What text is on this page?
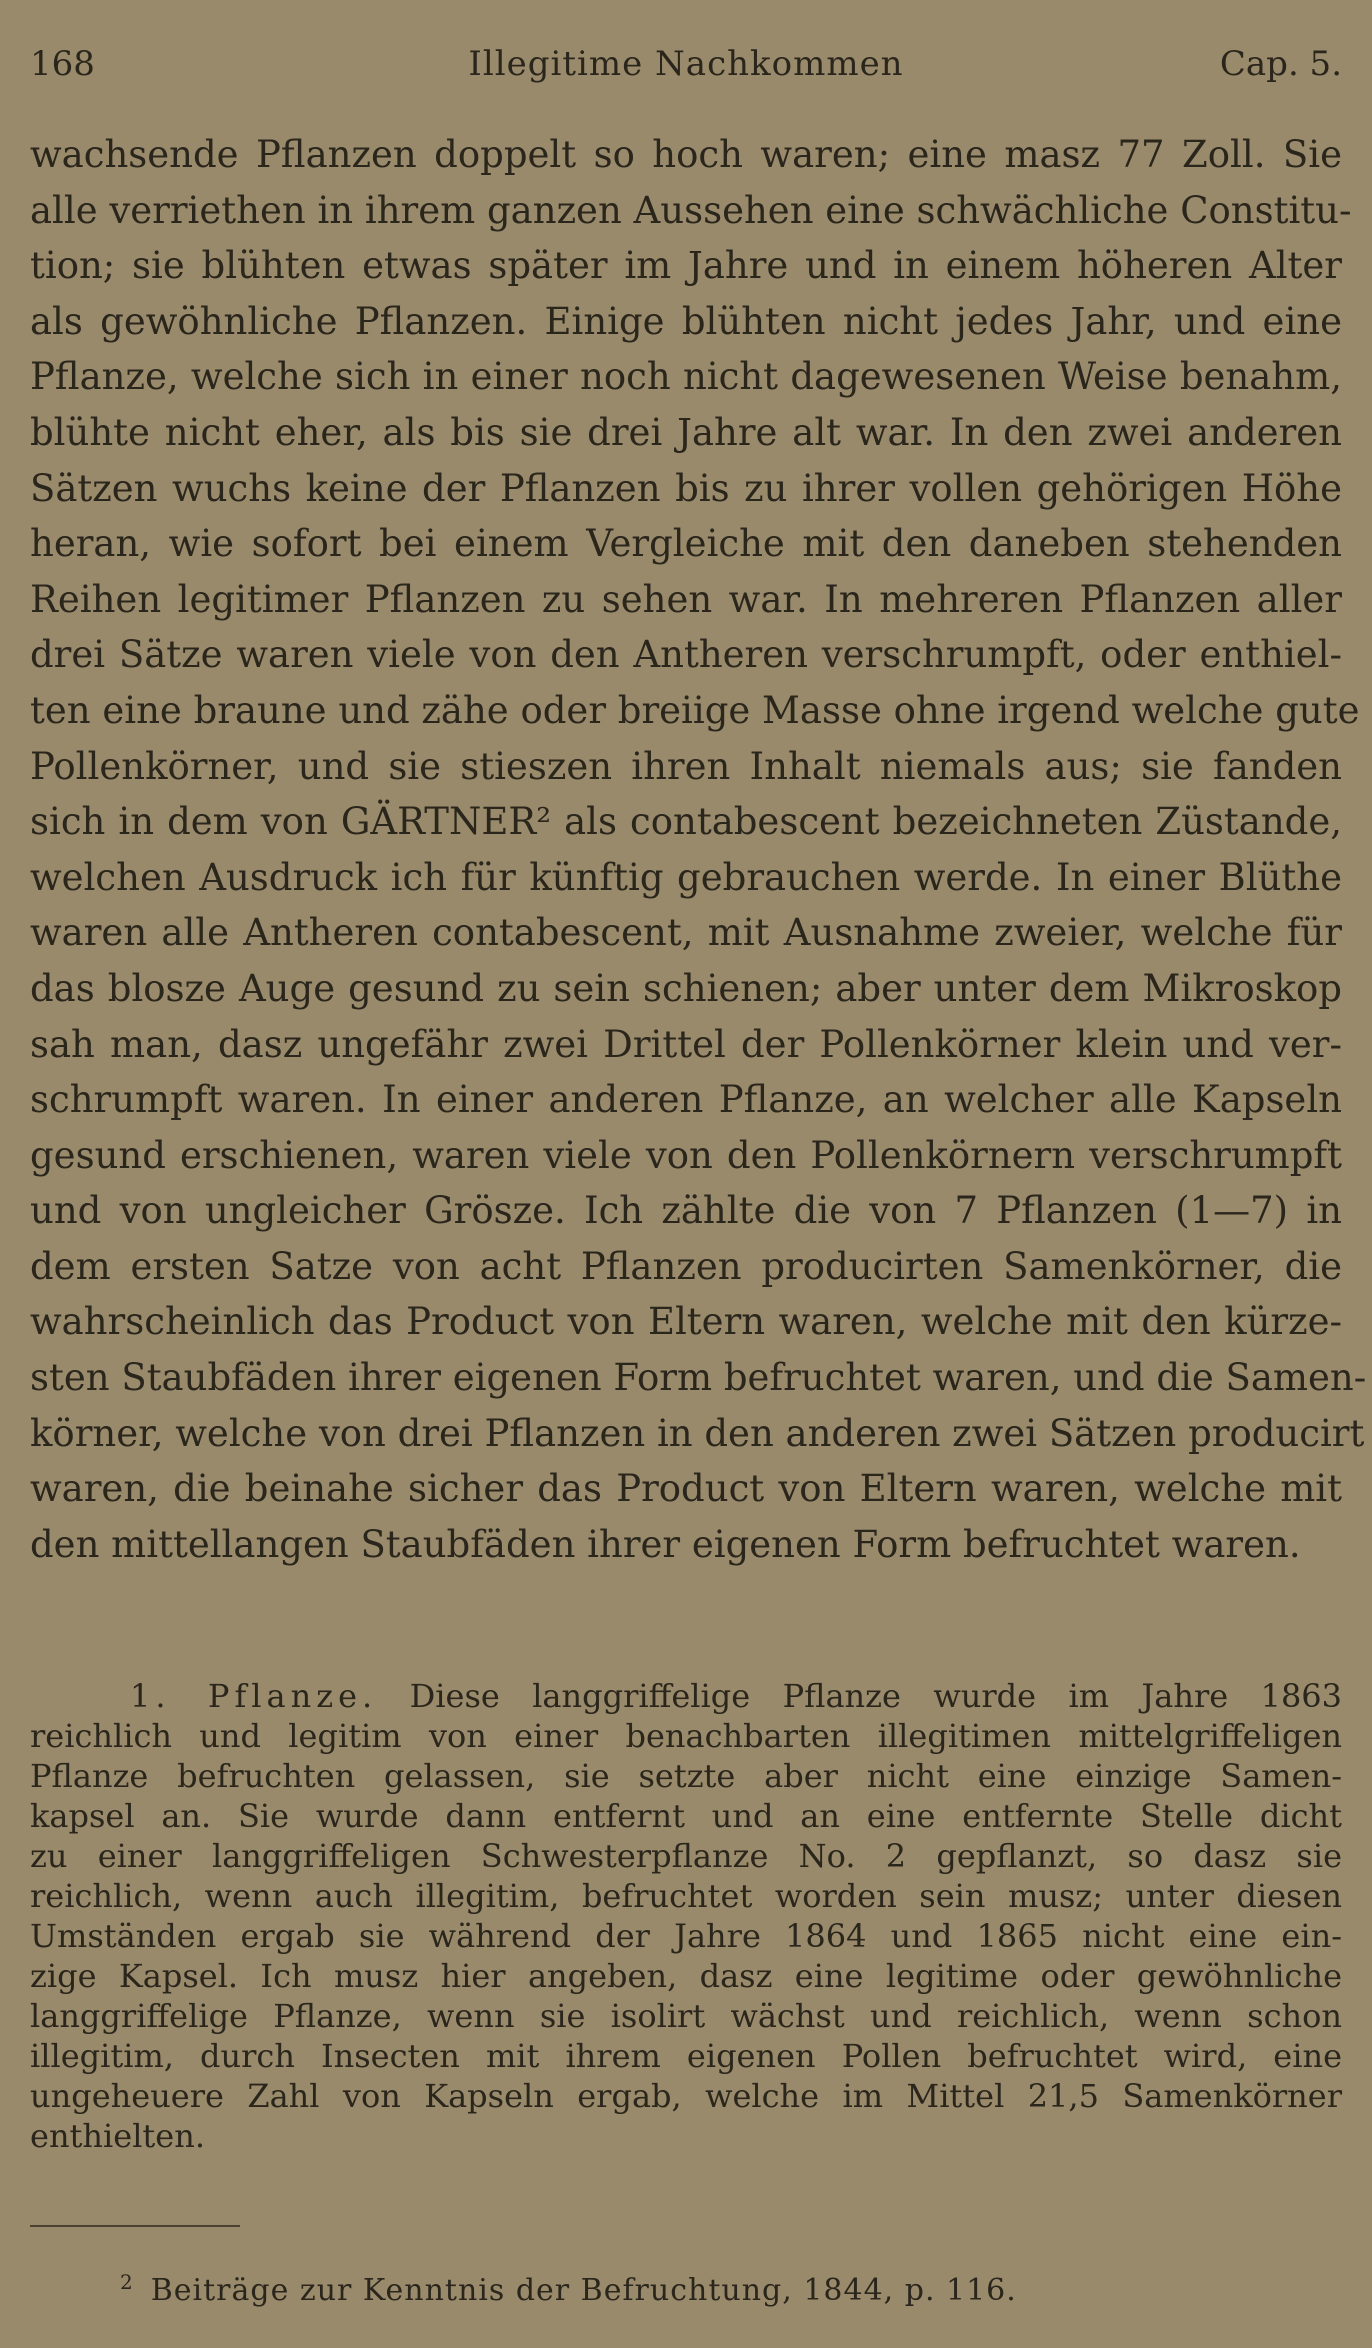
168	Illegitime Nachkommen	Cap. 5.
wachsende Pflanzen doppelt so hoch waren; eine masz 77 Zoll. Sie
alle verriethen in ihrem ganzen Aussehen eine schwächliche Constitu-
tion; sie blühten etwas später im Jahre und in einem höheren Alter
als gewöhnliche Pflanzen. Einige blühten nicht jedes Jahr, und eine
Pflanze, welche sich in einer noch nicht dagewesenen Weise benahm,
blühte nicht eher, als bis sie drei Jahre alt war. In den zwei anderen
Sätzen wuchs keine der Pflanzen bis zu ihrer vollen gehörigen Höhe
heran, wie sofort bei einem Vergleiche mit den daneben stehenden
Reihen legitimer Pflanzen zu sehen war. In mehreren Pflanzen aller
drei Sätze waren viele von den Antheren verschrumpft, oder enthiel-
ten eine braune und zähe oder breiige Masse ohne irgend welche gute
Pollenkörner, und sie stieszen ihren Inhalt niemals aus; sie fanden
sich in dem von GÄRTNER² als contabescent bezeichneten Züstande,
welchen Ausdruck ich für künftig gebrauchen werde. In einer Blüthe
waren alle Antheren contabescent, mit Ausnahme zweier, welche für
das blosze Auge gesund zu sein schienen; aber unter dem Mikroskop
sah man, dasz ungefähr zwei Drittel der Pollenkörner klein und ver-
schrumpft waren. In einer anderen Pflanze, an welcher alle Kapseln
gesund erschienen, waren viele von den Pollenkörnern verschrumpft
und von ungleicher Grösze. Ich zählte die von 7 Pflanzen (1—7) in
dem ersten Satze von acht Pflanzen producirten Samenkörner, die
wahrscheinlich das Product von Eltern waren, welche mit den kürze-
sten Staubfäden ihrer eigenen Form befruchtet waren, und die Samen-
körner, welche von drei Pflanzen in den anderen zwei Sätzen producirt
waren, die beinahe sicher das Product von Eltern waren, welche mit
den mittellangen Staubfäden ihrer eigenen Form befruchtet waren.
1. Pflanze. Diese langgriffelige Pflanze wurde im Jahre 1863
reichlich und legitim von einer benachbarten illegitimen mittelgriffeligen
Pflanze befruchten gelassen, sie setzte aber nicht eine einzige Samen-
kapsel an. Sie wurde dann entfernt und an eine entfernte Stelle dicht
zu einer langgriffeligen Schwesterpflanze No. 2 gepflanzt, so dasz sie
reichlich, wenn auch illegitim, befruchtet worden sein musz; unter diesen
Umständen ergab sie während der Jahre 1864 und 1865 nicht eine ein-
zige Kapsel. Ich musz hier angeben, dasz eine legitime oder gewöhnliche
langgriffelige Pflanze, wenn sie isolirt wächst und reichlich, wenn schon
illegitim, durch Insecten mit ihrem eigenen Pollen befruchtet wird, eine
ungeheuere Zahl von Kapseln ergab, welche im Mittel 21,5 Samenkörner
enthielten.
$^2$ Beiträge zur Kenntnis der Befruchtung, 1844, p. 116.
